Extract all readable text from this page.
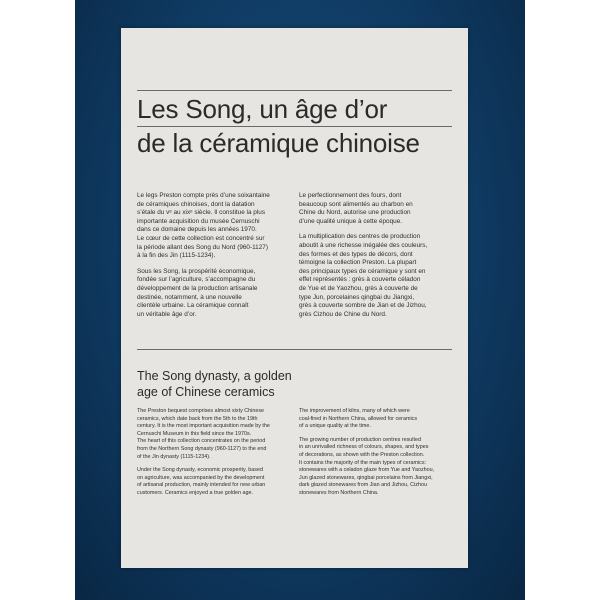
Les Song, un âge d’or
de la céramique chinoise

Le legs Preston compte près d’une soixantaine
de céramiques chinoises, dont la datation
s’étale du vᵉ au xixᵉ siècle. Il constitue la plus
importante acquisition du musée Cernuschi
dans ce domaine depuis les années 1970.
Le cœur de cette collection est concentré sur
la période allant des Song du Nord (960-1127)
à la fin des Jin (1115-1234).

Sous les Song, la prospérité économique,
fondée sur l’agriculture, s’accompagne du
développement de la production artisanale
destinée, notamment, à une nouvelle
clientèle urbaine. La céramique connaît
un véritable âge d’or.

Le perfectionnement des fours, dont
beaucoup sont alimentés au charbon en
Chine du Nord, autorise une production
d’une qualité unique à cette époque.

La multiplication des centres de production
aboutit à une richesse inégalée des couleurs,
des formes et des types de décors, dont
témoigne la collection Preston. La plupart
des principaux types de céramique y sont en
effet représentés : grès à couverte céladon
de Yue et de Yaozhou, grès à couverte de
type Jun, porcelaines qingbai du Jiangxi,
grès à couverte sombre de Jian et de Jizhou,
grès Cizhou de Chine du Nord.

The Song dynasty, a golden
age of Chinese ceramics

The Preston bequest comprises almost sixty Chinese
ceramics, which date back from the 5th to the 19th
century. It is the most important acquisition made by the
Cernuschi Museum in this field since the 1970s.
The heart of this collection concentrates on the period
from the Northern Song dynasty (960-1127) to the end
of the Jin dynasty (1115-1234).

Under the Song dynasty, economic prosperity, based
on agriculture, was accompanied by the development
of artisanal production, mainly intended for new urban
customers. Ceramics enjoyed a true golden age.

The improvement of kilns, many of which were
coal-fired in Northern China, allowed for ceramics
of a unique quality at the time.

The growing number of production centres resulted
in an unrivalled richness of colours, shapes, and types
of decorations, as shown with the Preston collection.
It contains the majority of the main types of ceramics:
stonewares with a celadon glaze from Yue and Yaozhou,
Jun glazed stonewares, qingbai porcelains from Jiangxi,
dark glazed stonewares from Jian and Jizhou, Cizhou
stonewares from Northern China.
